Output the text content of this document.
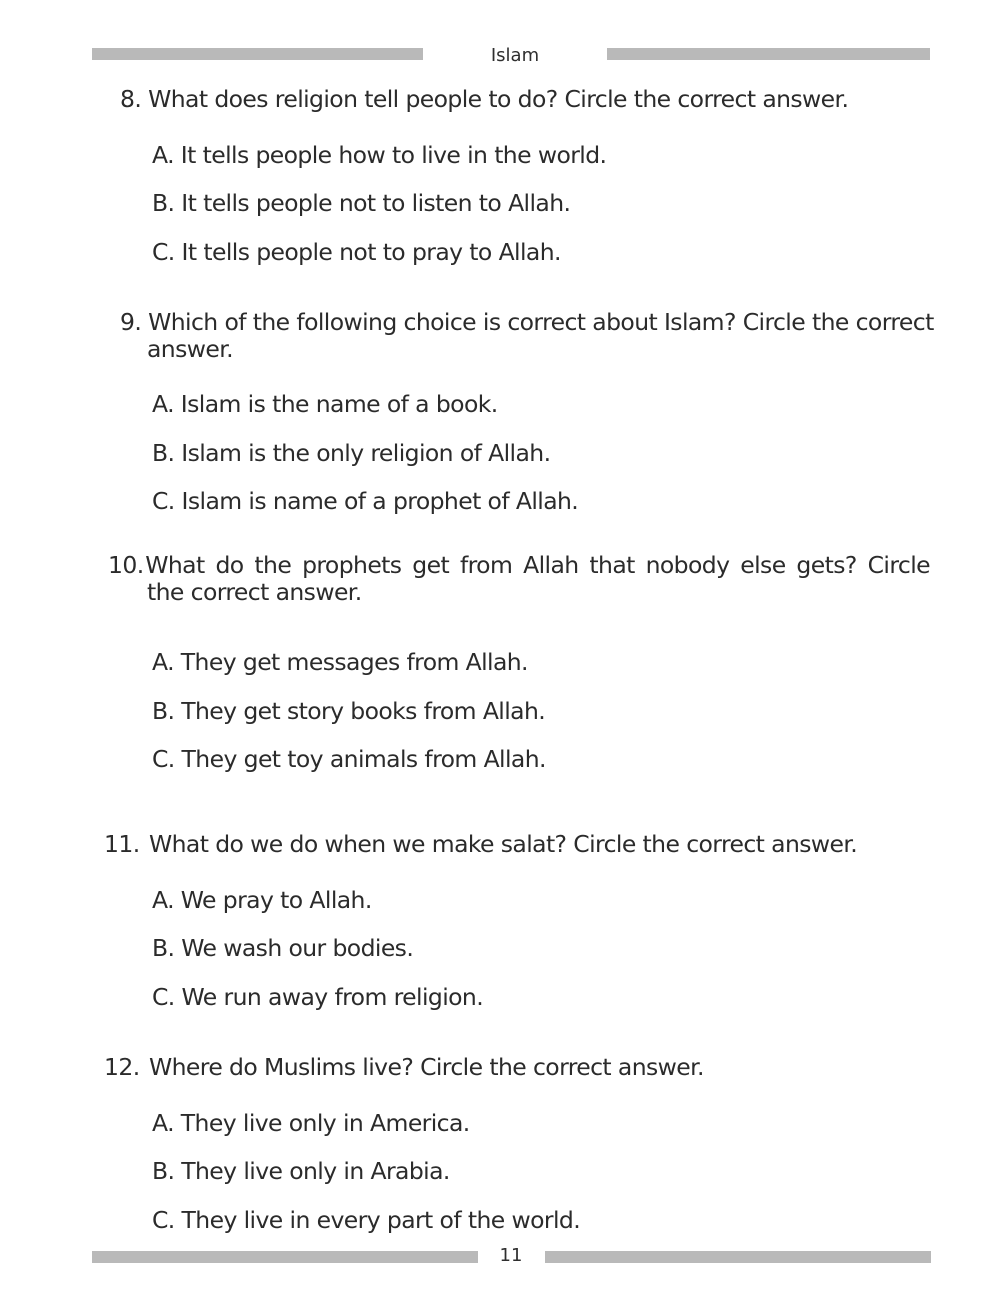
Islam
8. What does religion tell people to do? Circle the correct answer.
A. It tells people how to live in the world.
B. It tells people not to listen to Allah.
C. It tells people not to pray to Allah.
9. Which of the following choice is correct about Islam? Circle the correct
answer.
A. Islam is the name of a book.
B. Islam is the only religion of Allah.
C. Islam is name of a prophet of Allah.
10. What do the prophets get from Allah that nobody else gets? Circle
the correct answer.
A. They get messages from Allah.
B. They get story books from Allah.
C. They get toy animals from Allah.
11. What do we do when we make salat? Circle the correct answer.
A. We pray to Allah.
B. We wash our bodies.
C. We run away from religion.
12. Where do Muslims live? Circle the correct answer.
A. They live only in America.
B. They live only in Arabia.
C. They live in every part of the world.
11
